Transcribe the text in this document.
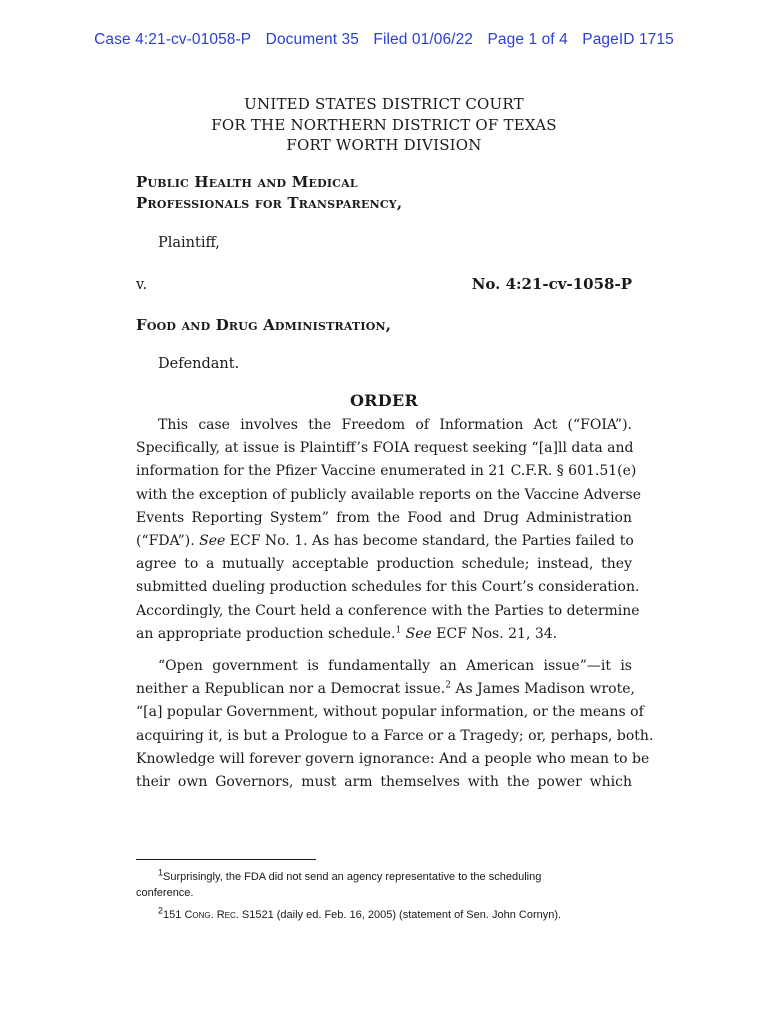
Case 4:21-cv-01058-P Document 35 Filed 01/06/22 Page 1 of 4 PageID 1715
UNITED STATES DISTRICT COURT
FOR THE NORTHERN DISTRICT OF TEXAS
FORT WORTH DIVISION
Public Health and Medical
Professionals for Transparency,
Plaintiff,
v.	No. 4:21-cv-1058-P
Food and Drug Administration,
Defendant.
ORDER
This case involves the Freedom of Information Act (“FOIA”).
Specifically, at issue is Plaintiff’s FOIA request seeking “[a]ll data and
information for the Pfizer Vaccine enumerated in 21 C.F.R. § 601.51(e)
with the exception of publicly available reports on the Vaccine Adverse
Events Reporting System” from the Food and Drug Administration
(“FDA”). See ECF No. 1. As has become standard, the Parties failed to
agree to a mutually acceptable production schedule; instead, they
submitted dueling production schedules for this Court’s consideration.
Accordingly, the Court held a conference with the Parties to determine
an appropriate production schedule.$^1$ See ECF Nos. 21, 34.
“Open government is fundamentally an American issue”—it is
neither a Republican nor a Democrat issue.$^2$ As James Madison wrote,
“[a] popular Government, without popular information, or the means of
acquiring it, is but a Prologue to a Farce or a Tragedy; or, perhaps, both.
Knowledge will forever govern ignorance: And a people who mean to be
their own Governors, must arm themselves with the power which
$^1$Surprisingly, the FDA did not send an agency representative to the scheduling
conference.
$^2$151 Cong. Rec. S1521 (daily ed. Feb. 16, 2005) (statement of Sen. John Cornyn).
